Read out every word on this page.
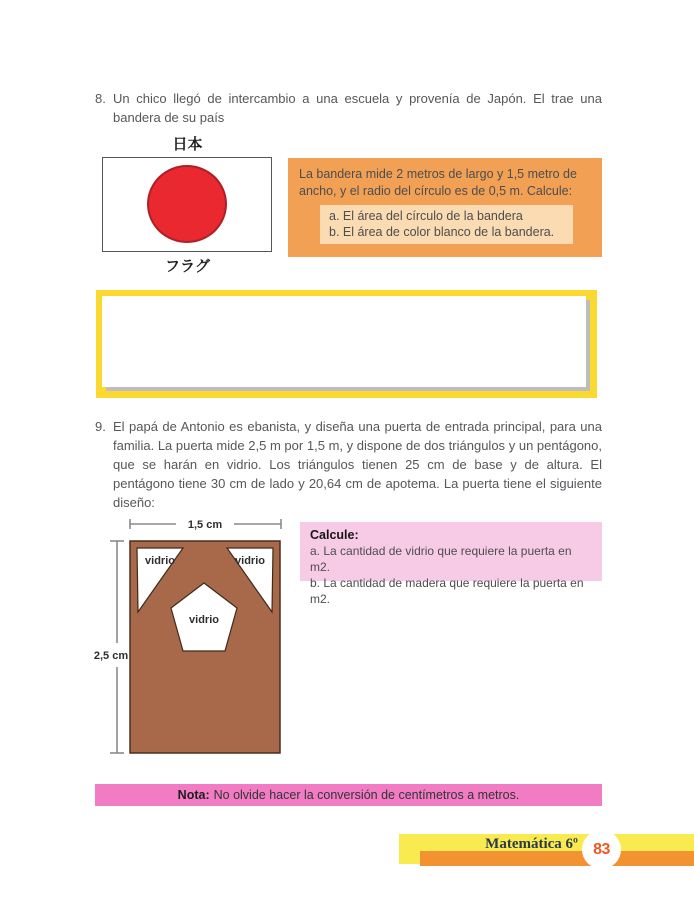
8. Un chico llegó de intercambio a una escuela y provenía de Japón. El trae una bandera de su país

日本
フラグ

La bandera mide 2 metros de largo y 1,5 metro de ancho, y el radio del círculo es de 0,5 m. Calcule:

a. El área del círculo de la bandera
b. El área de color blanco de la bandera.
9. El papá de Antonio es ebanista, y diseña una puerta de entrada principal, para una familia. La puerta mide 2,5 m por 1,5 m, y dispone de dos triángulos y un pentágono, que se harán en vidrio. Los triángulos tienen 25 cm de base y de altura. El pentágono tiene 30 cm de lado y 20,64 cm de apotema. La puerta tiene el siguiente diseño:

1,5 cm
2,5 cm
vidrio	vidrio
vidrio
Calcule:
a. La cantidad de vidrio que requiere la puerta en m2.
b. La cantidad de madera que requiere la puerta en m2.
Nota: No olvide hacer la conversión de centímetros a metros.
Matemática 6º 83
